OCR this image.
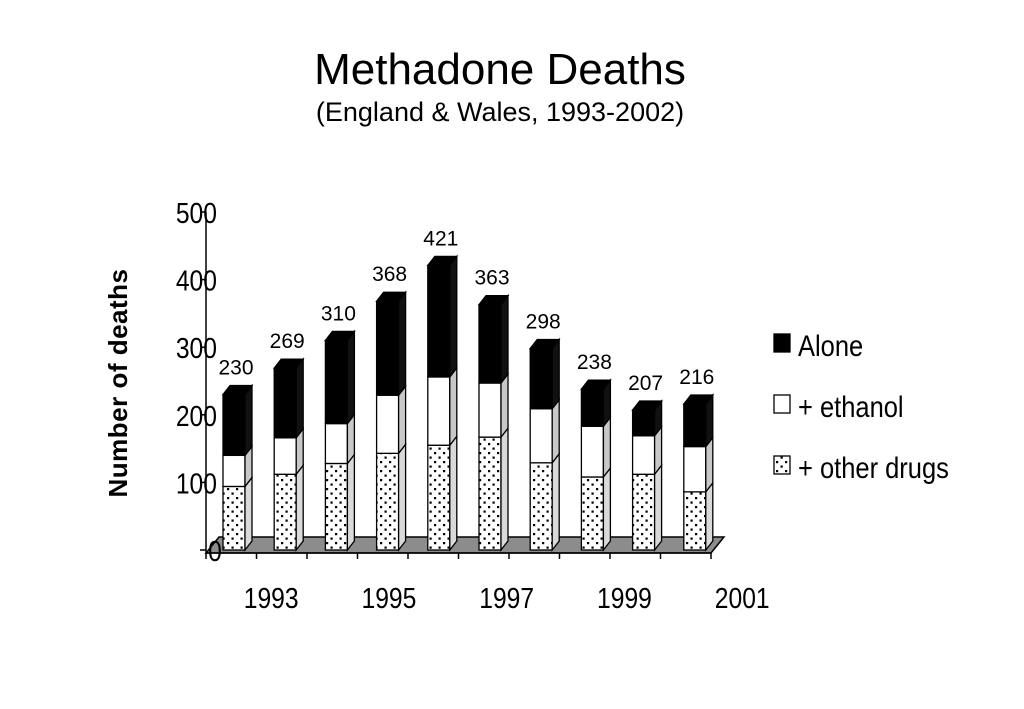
Methadone Deaths
(England & Wales, 1993-2002)
Number of deaths
0
100
200
300
400
500
1993 1995 1997 1999 2001
230
269
310
368
421
363
298
238
207 216
Alone
+ ethanol
+ other drugs
